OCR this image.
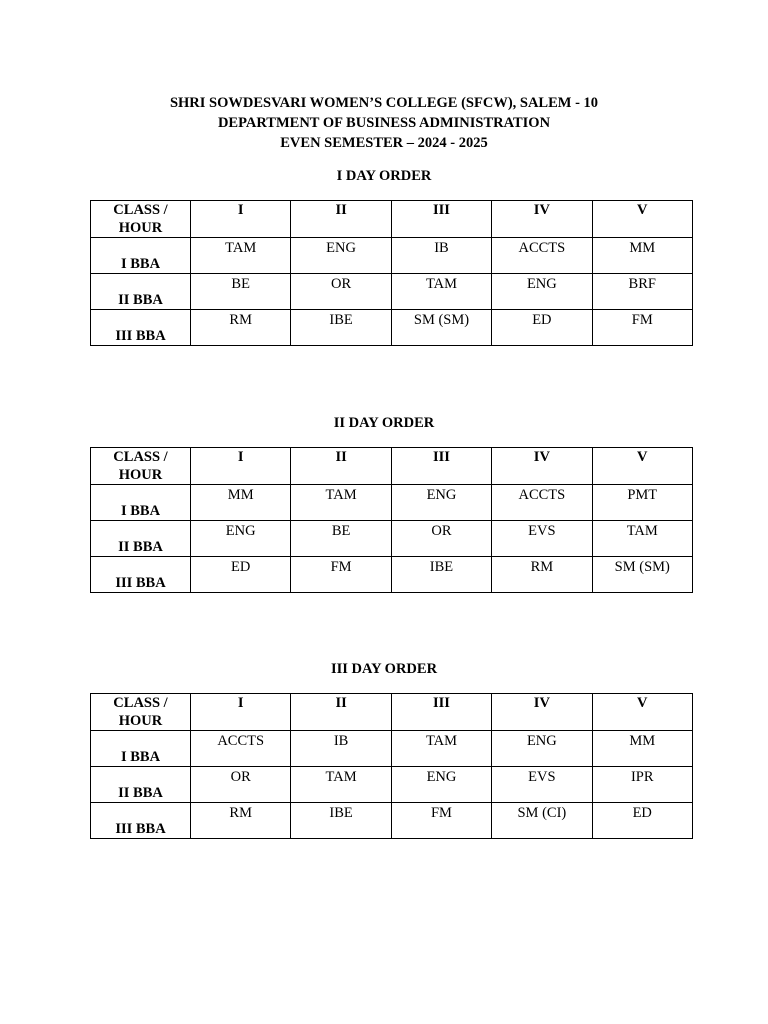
SHRI SOWDESVARI WOMEN’S COLLEGE (SFCW), SALEM - 10
DEPARTMENT OF BUSINESS ADMINISTRATION
EVEN SEMESTER – 2024 - 2025
I DAY ORDER
CLASS /
HOUR	I	II	III	IV	V
I BBA	TAM	ENG	IB	ACCTS	MM
II BBA	BE	OR	TAM	ENG	BRF
III BBA	RM	IBE	SM (SM)	ED	FM
II DAY ORDER
CLASS /
HOUR	I	II	III	IV	V
I BBA	MM	TAM	ENG	ACCTS	PMT
II BBA	ENG	BE	OR	EVS	TAM
III BBA	ED	FM	IBE	RM	SM (SM)
III DAY ORDER
CLASS /
HOUR	I	II	III	IV	V
I BBA	ACCTS	IB	TAM	ENG	MM
II BBA	OR	TAM	ENG	EVS	IPR
III BBA	RM	IBE	FM	SM (CI)	ED
